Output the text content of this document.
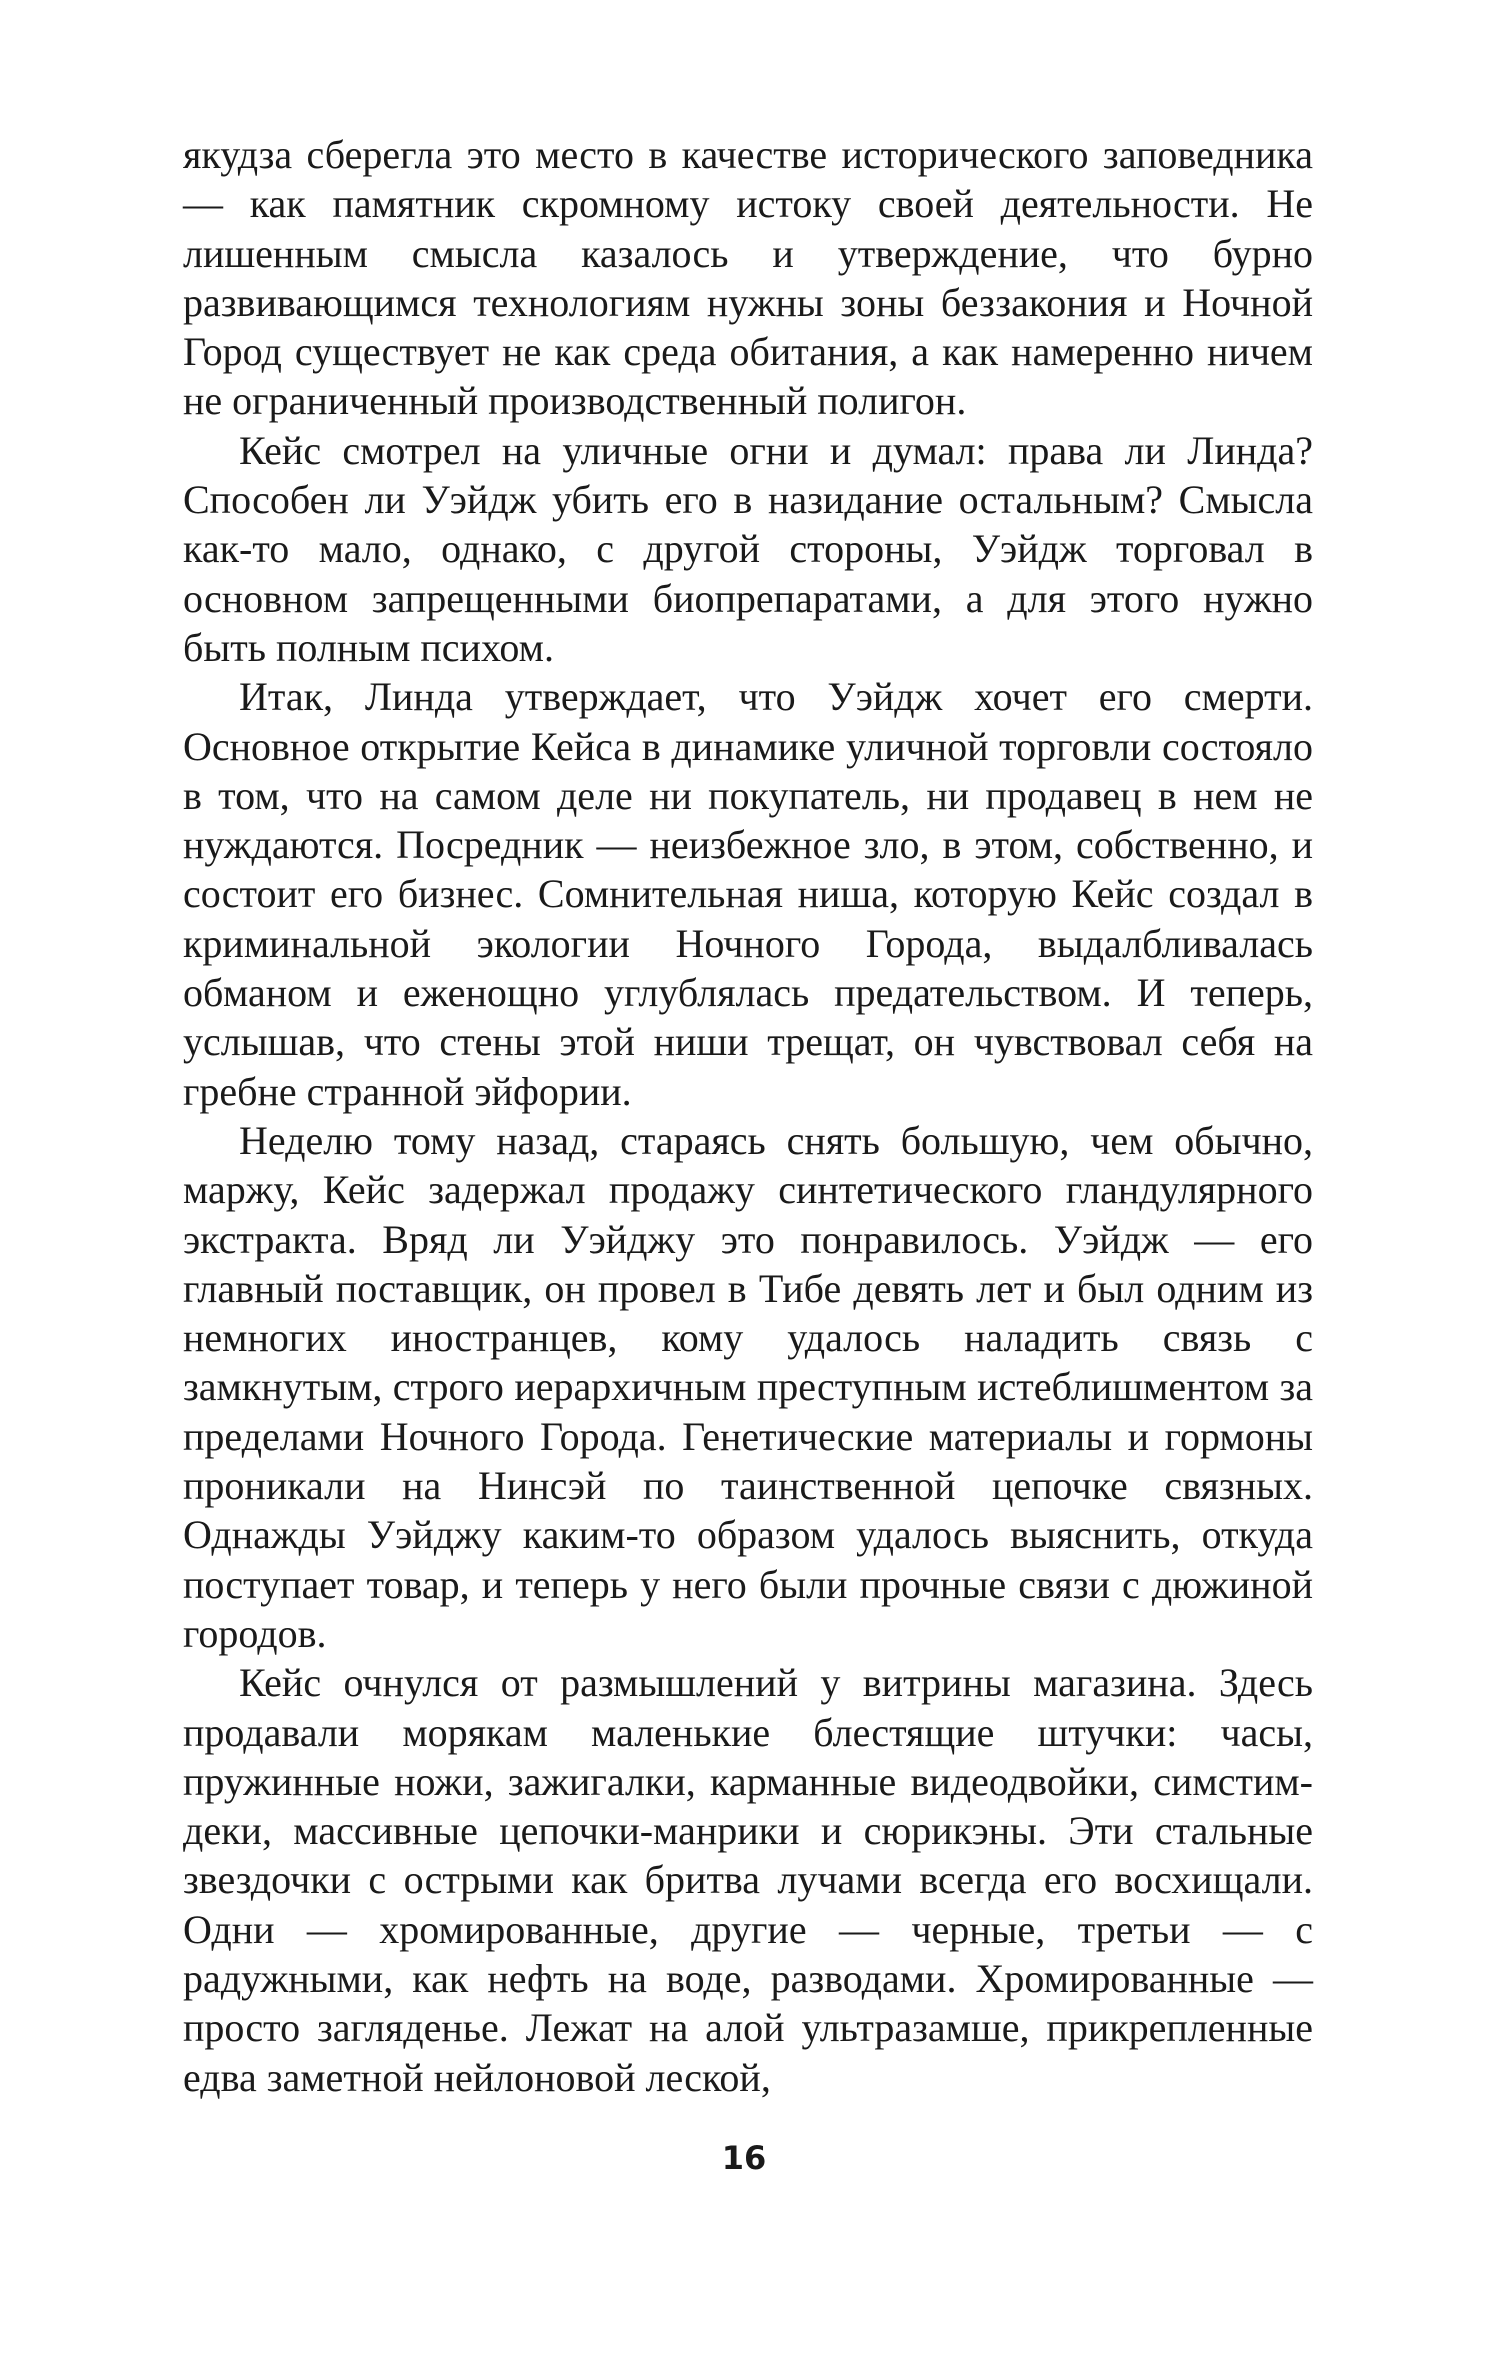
якудза сберегла это место в качестве исторического заповедника — как памятник скромному истоку своей деятельности. Не лишенным смысла казалось и утверждение, что бурно развивающимся технологиям нужны зоны беззакония и Ночной Город существует не как среда обитания, а как намеренно ничем не ограниченный производственный полигон.

Кейс смотрел на уличные огни и думал: права ли Линда? Способен ли Уэйдж убить его в назидание остальным? Смысла как-то мало, однако, с другой стороны, Уэйдж торговал в основном запрещенными биопрепаратами, а для этого нужно быть полным психом.

Итак, Линда утверждает, что Уэйдж хочет его смерти. Основное открытие Кейса в динамике уличной торговли состояло в том, что на самом деле ни покупатель, ни продавец в нем не нуждаются. Посредник — неизбежное зло, в этом, собственно, и состоит его бизнес. Сомнительная ниша, которую Кейс создал в криминальной экологии Ночного Города, выдалбливалась обманом и еженощно углублялась предательством. И теперь, услышав, что стены этой ниши трещат, он чувствовал себя на гребне странной эйфории.

Неделю тому назад, стараясь снять большую, чем обычно, маржу, Кейс задержал продажу синтетического гландулярного экстракта. Вряд ли Уэйджу это понравилось. Уэйдж — его главный поставщик, он провел в Тибе девять лет и был одним из немногих иностранцев, кому удалось наладить связь с замкнутым, строго иерархичным преступным истеблишментом за пределами Ночного Города. Генетические материалы и гормоны проникали на Нинсэй по таинственной цепочке связных. Однажды Уэйджу каким-то образом удалось выяснить, откуда поступает товар, и теперь у него были прочные связи с дюжиной городов.

Кейс очнулся от размышлений у витрины магазина. Здесь продавали морякам маленькие блестящие штучки: часы, пружинные ножи, зажигалки, карманные видеодвойки, симстим-деки, массивные цепочки-манрики и сюрикэны. Эти стальные звездочки с острыми как бритва лучами всегда его восхищали. Одни — хромированные, другие — черные, третьи — с радужными, как нефть на воде, разводами. Хромированные — просто загляденье. Лежат на алой ультразамше, прикрепленные едва заметной нейлоновой леской,

16
